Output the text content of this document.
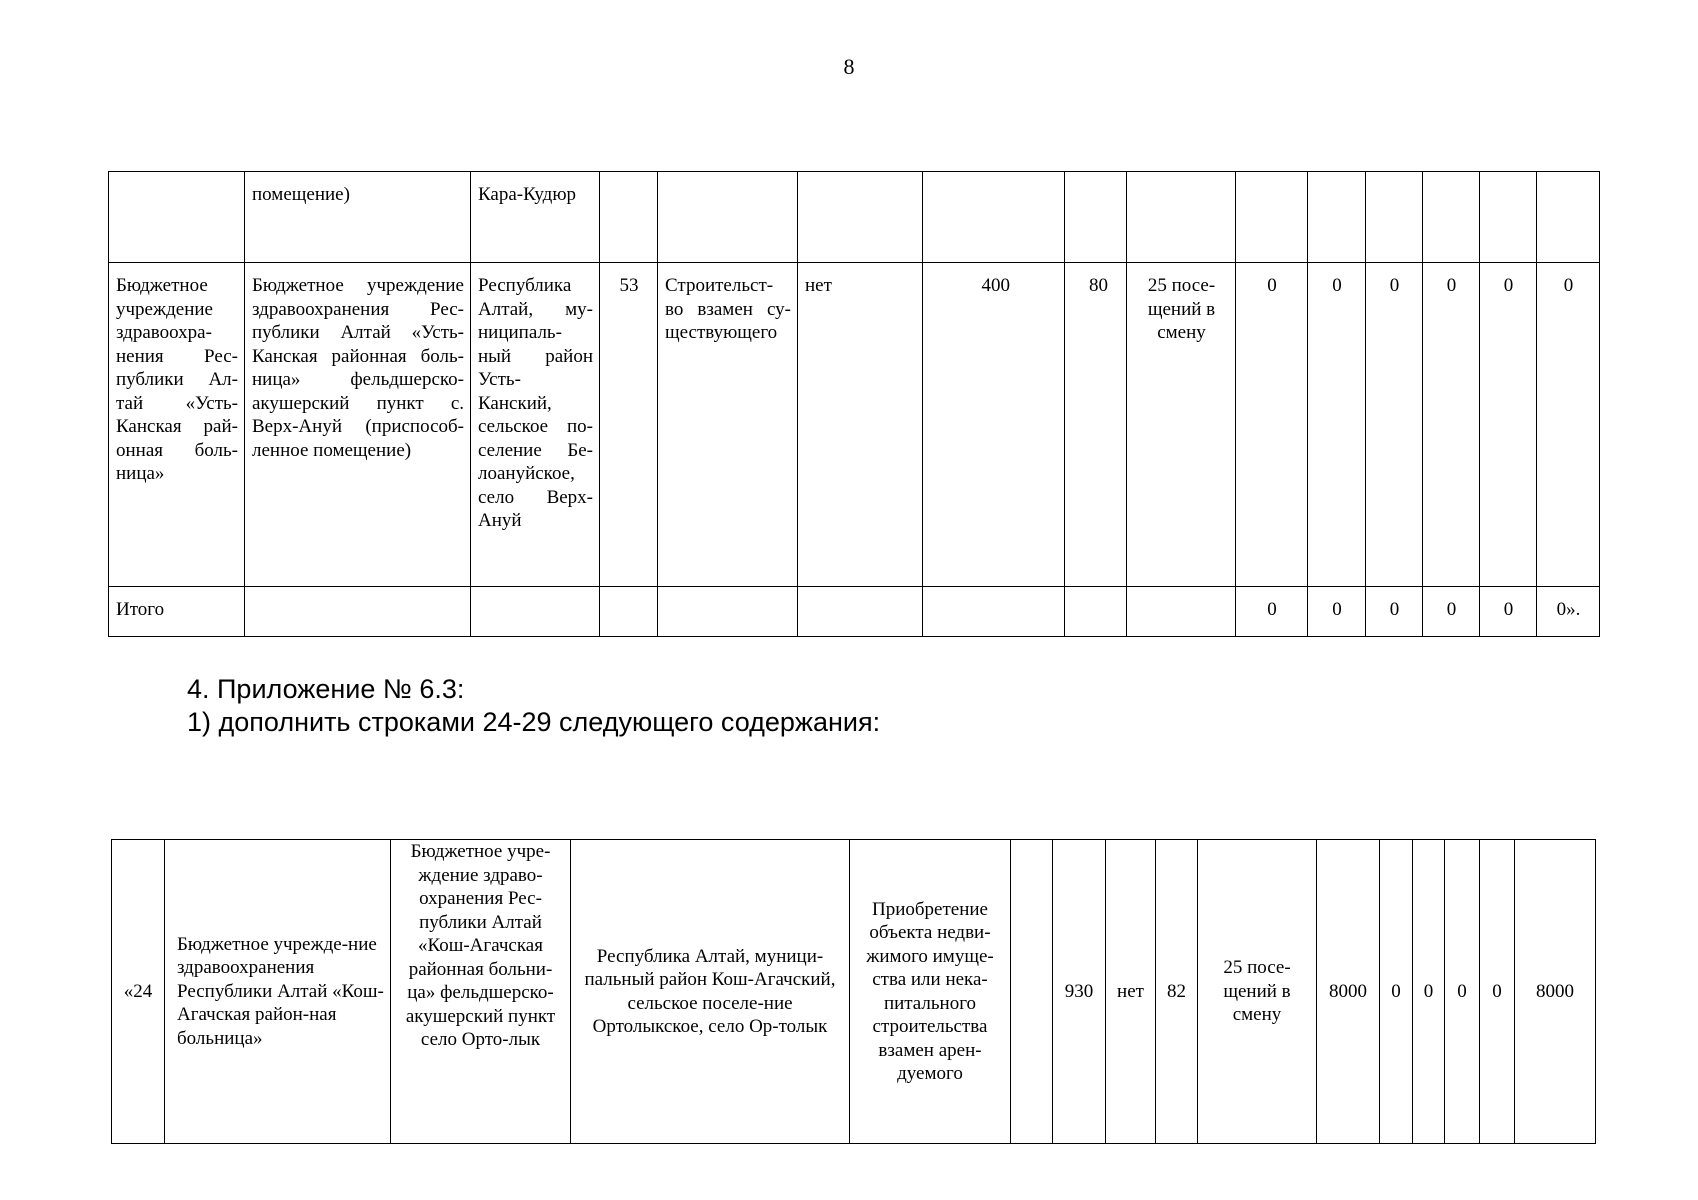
8
	помещение)	Кара-Кудюр												
Бюджетное учреждение здравоохра-нения Рес-публики Ал-тай «Усть-Канская рай-онная боль-ница»	Бюджетное учреждение здравоохранения Рес-публики Алтай «Усть-Канская районная боль-ница» фельдшерско-акушерский пункт с. Верх-Ануй (приспособ-ленное помещение)	Республика Алтай, му-ниципаль-ный район Усть-Канский, сельское по-селение Бе-лоануйское, село Верх-Ануй	53	Строительст-во взамен су-ществующего	нет	400	80	25 посе-щений в смену	0	0	0	0	0	0
Итого									0	0	0	0	0	0».
4. Приложение № 6.3:
1) дополнить строками 24-29 следующего содержания:
«24	Бюджетное учрежде-ние здравоохранения Республики Алтай «Кош-Агачская район-ная больница»	Бюджетное учре-ждение здраво-охранения Рес-публики Алтай «Кош-Агачская районная больни-ца» фельдшерско-акушерский пункт село Орто-лык	Республика Алтай, муници-пальный район Кош-Агачский, сельское поселе-ние Ортолыкское, село Ор-толык	Приобретение объекта недви-жимого имуще-ства или нека-питального строительства взамен арен-дуемого		930	нет	82	25 посе-щений в смену	8000	0	0	0	0	8000
